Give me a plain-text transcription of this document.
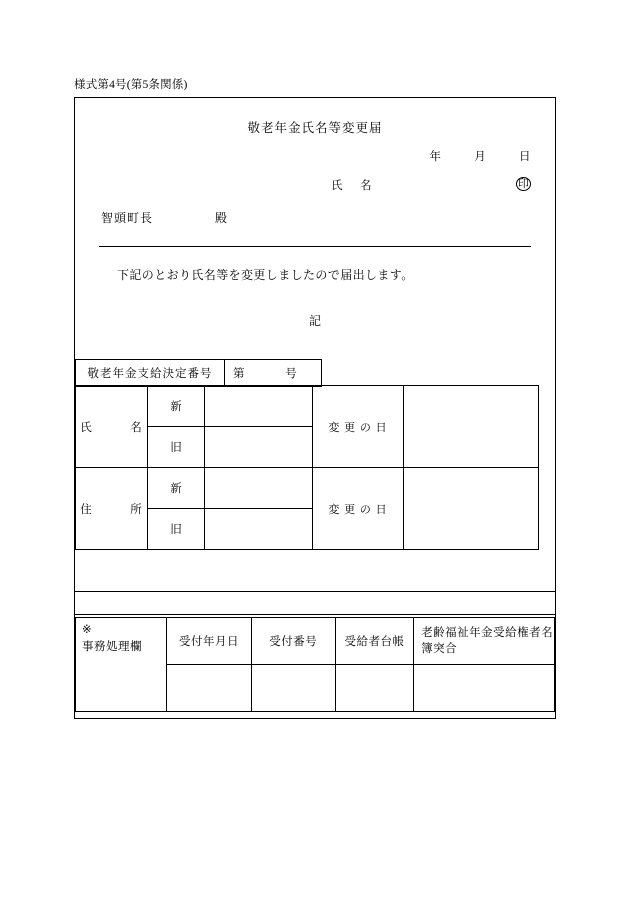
様式第4号(第5条関係)
敬老年金氏名等変更届
年	月	日
氏　名	印
智頭町長	殿
下記のとおり氏名等を変更しましたので届出します。
記
敬老年金支給決定番号	第	号
氏　　　名	新		変 更 の 日	
	旧			
住　　　所	新		変 更 の 日	
	旧			
※
事務処理欄	受付年月日	受付番号	受給者台帳	老齢福祉年金受給権者名簿突合
